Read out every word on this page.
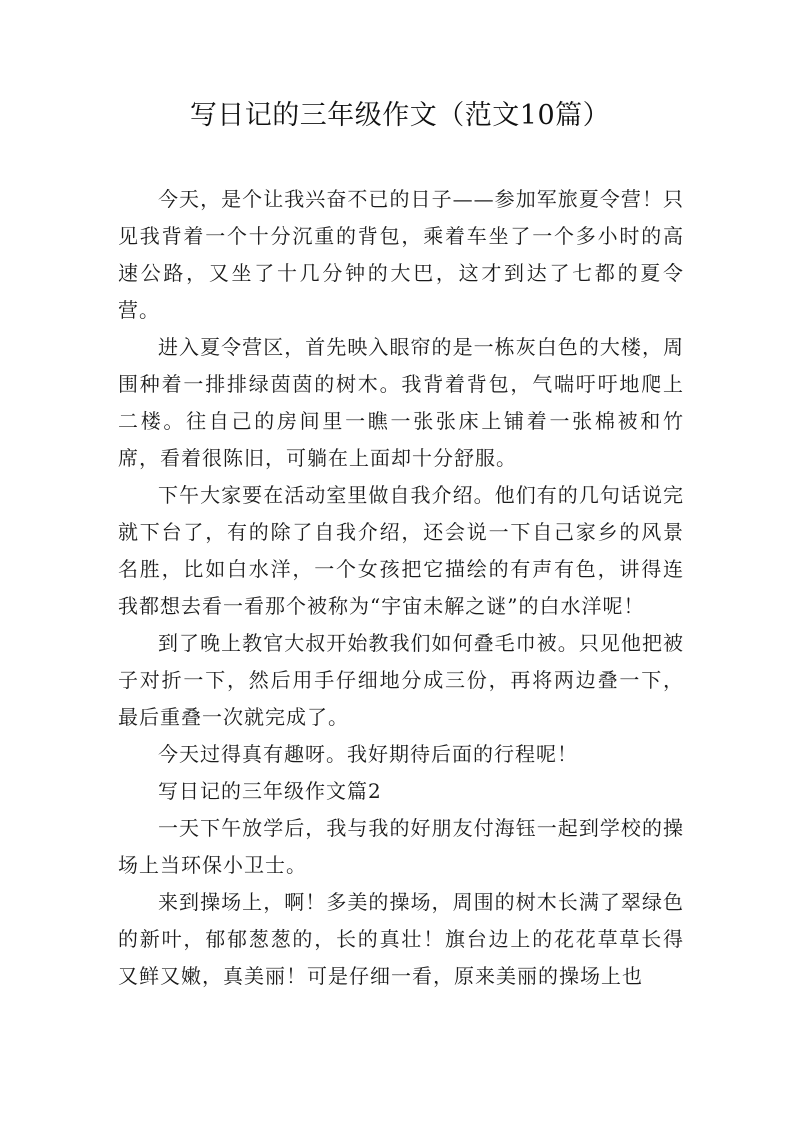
写日记的三年级作文（范文10篇）

今天，是个让我兴奋不已的日子——参加军旅夏令营！只见我背着一个十分沉重的背包，乘着车坐了一个多小时的高速公路，又坐了十几分钟的大巴，这才到达了七都的夏令营。

进入夏令营区，首先映入眼帘的是一栋灰白色的大楼，周围种着一排排绿茵茵的树木。我背着背包，气喘吁吁地爬上二楼。往自己的房间里一瞧一张张床上铺着一张棉被和竹席，看着很陈旧，可躺在上面却十分舒服。

下午大家要在活动室里做自我介绍。他们有的几句话说完就下台了，有的除了自我介绍，还会说一下自己家乡的风景名胜，比如白水洋，一个女孩把它描绘的有声有色，讲得连我都想去看一看那个被称为“宇宙未解之谜”的白水洋呢！

到了晚上教官大叔开始教我们如何叠毛巾被。只见他把被子对折一下，然后用手仔细地分成三份，再将两边叠一下，最后重叠一次就完成了。

今天过得真有趣呀。我好期待后面的行程呢！

写日记的三年级作文篇2

一天下午放学后，我与我的好朋友付海钰一起到学校的操场上当环保小卫士。

来到操场上，啊！多美的操场，周围的树木长满了翠绿色的新叶，郁郁葱葱的，长的真壮！旗台边上的花花草草长得又鲜又嫩，真美丽！可是仔细一看，原来美丽的操场上也
